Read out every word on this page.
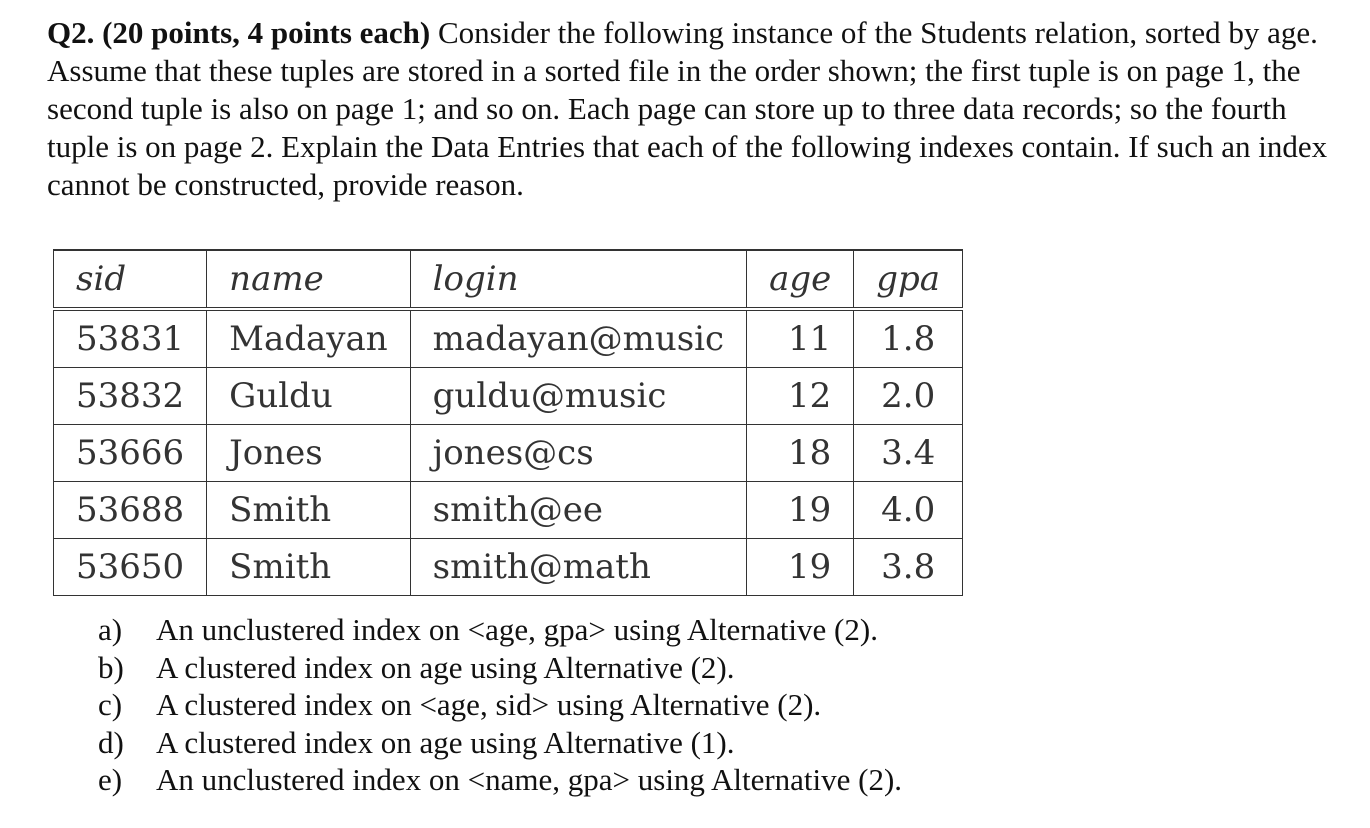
Q2. (20 points, 4 points each) Consider the following instance of the Students relation, sorted by age. Assume that these tuples are stored in a sorted file in the order shown; the first tuple is on page 1, the second tuple is also on page 1; and so on. Each page can store up to three data records; so the fourth tuple is on page 2. Explain the Data Entries that each of the following indexes contain. If such an index cannot be constructed, provide reason.

sid	name	login	age	gpa
53831	Madayan	madayan@music	11	1.8
53832	Guldu	guldu@music	12	2.0
53666	Jones	jones@cs	18	3.4
53688	Smith	smith@ee	19	4.0
53650	Smith	smith@math	19	3.8
a)	An unclustered index on <age, gpa> using Alternative (2).
b)	A clustered index on age using Alternative (2).
c)	A clustered index on <age, sid> using Alternative (2).
d)	A clustered index on age using Alternative (1).
e)	An unclustered index on <name, gpa> using Alternative (2).
